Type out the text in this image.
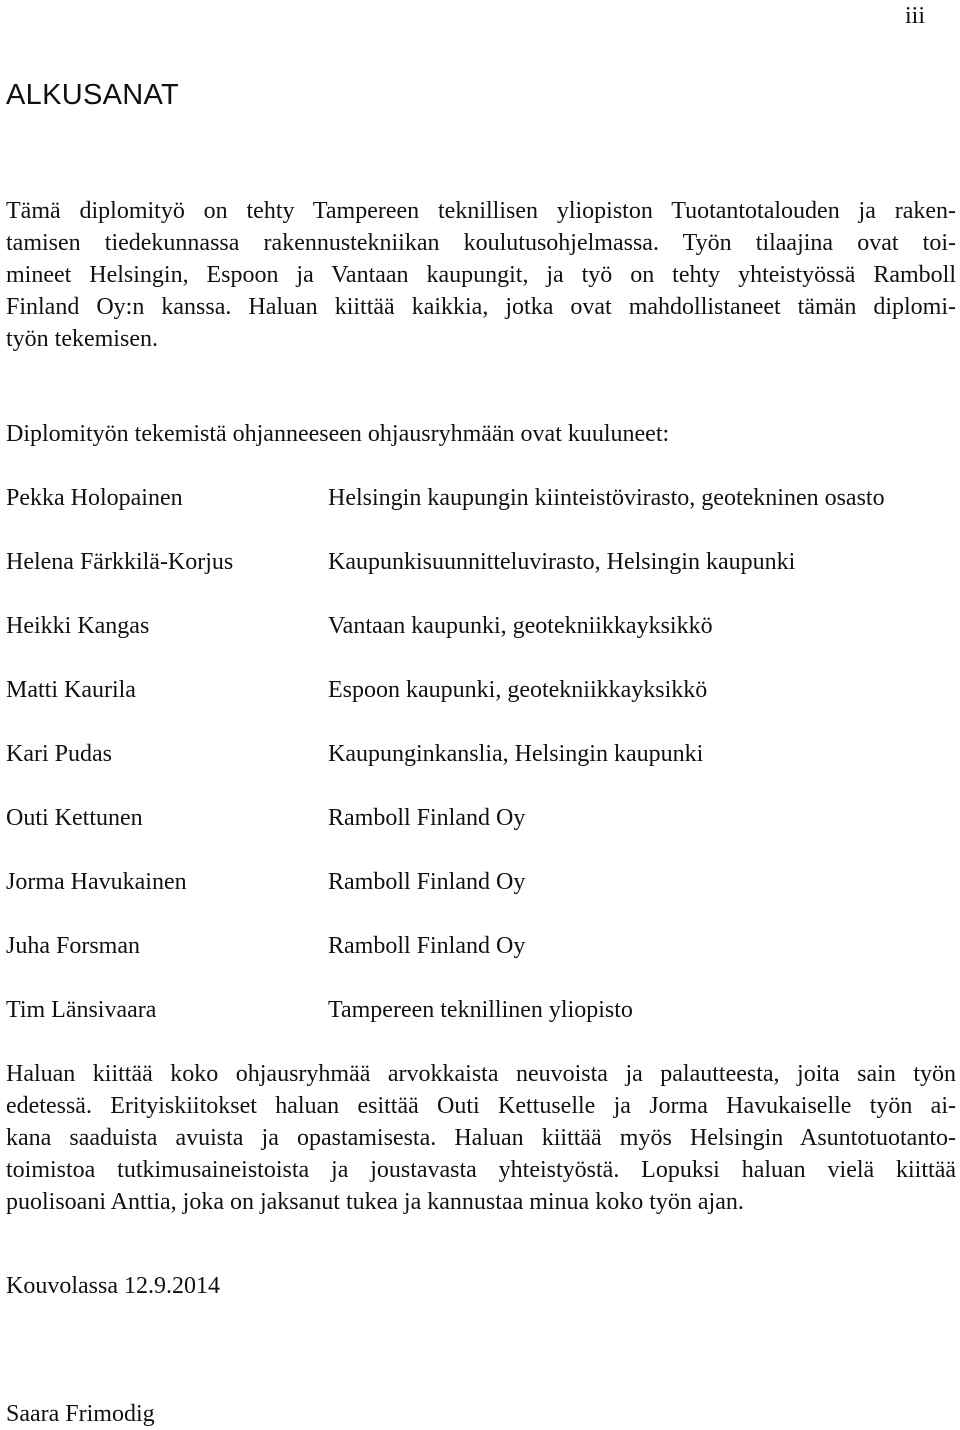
iii
ALKUSANAT
Tämä diplomityö on tehty Tampereen teknillisen yliopiston Tuotantotalouden ja raken-
tamisen tiedekunnassa rakennustekniikan koulutusohjelmassa. Työn tilaajina ovat toi-
mineet Helsingin, Espoon ja Vantaan kaupungit, ja työ on tehty yhteistyössä Ramboll
Finland Oy:n kanssa. Haluan kiittää kaikkia, jotka ovat mahdollistaneet tämän diplomi-
työn tekemisen.
Diplomityön tekemistä ohjanneeseen ohjausryhmään ovat kuuluneet:
Pekka Holopainen	Helsingin kaupungin kiinteistövirasto, geotekninen osasto
Helena Färkkilä-Korjus	Kaupunkisuunnitteluvirasto, Helsingin kaupunki
Heikki Kangas	Vantaan kaupunki, geotekniikkayksikkö
Matti Kaurila	Espoon kaupunki, geotekniikkayksikkö
Kari Pudas	Kaupunginkanslia, Helsingin kaupunki
Outi Kettunen	Ramboll Finland Oy
Jorma Havukainen	Ramboll Finland Oy
Juha Forsman	Ramboll Finland Oy
Tim Länsivaara	Tampereen teknillinen yliopisto
Haluan kiittää koko ohjausryhmää arvokkaista neuvoista ja palautteesta, joita sain työn
edetessä. Erityiskiitokset haluan esittää Outi Kettuselle ja Jorma Havukaiselle työn ai-
kana saaduista avuista ja opastamisesta. Haluan kiittää myös Helsingin Asuntotuotanto-
toimistoa tutkimusaineistoista ja joustavasta yhteistyöstä. Lopuksi haluan vielä kiittää
puolisoani Anttia, joka on jaksanut tukea ja kannustaa minua koko työn ajan.
Kouvolassa 12.9.2014
Saara Frimodig
